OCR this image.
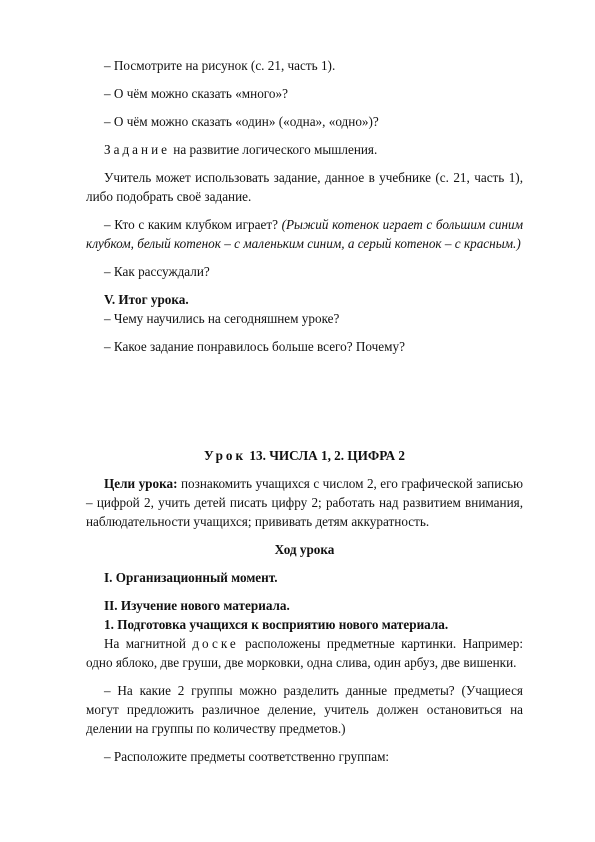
– Посмотрите на рисунок (с. 21, часть 1).

– О чём можно сказать «много»?

– О чём можно сказать «один» («одна», «одно»)?

Задание на развитие логического мышления.

Учитель может использовать задание, данное в учебнике (с. 21, часть 1), либо подобрать своё задание.

– Кто с каким клубком играет? (Рыжий котенок играет с большим синим клубком, белый котенок – с маленьким синим, а серый котенок – с красным.)

– Как рассуждали?

V. Итог урока.

– Чему научились на сегодняшнем уроке?

– Какое задание понравилось больше всего? Почему?

Урок 13. ЧИСЛА 1, 2. ЦИФРА 2

Цели урока: познакомить учащихся с числом 2, его графической записью – цифрой 2, учить детей писать цифру 2; работать над развитием внимания, наблюдательности учащихся; прививать детям аккуратность.

Ход урока

I. Организационный момент.

II. Изучение нового материала.

1. Подготовка учащихся к восприятию нового материала.

На магнитной доске расположены предметные картинки. Например: одно яблоко, две груши, две морковки, одна слива, один арбуз, две вишенки.

– На какие 2 группы можно разделить данные предметы? (Учащиеся могут предложить различное деление, учитель должен остановиться на делении на группы по количеству предметов.)

– Расположите предметы соответственно группам:
